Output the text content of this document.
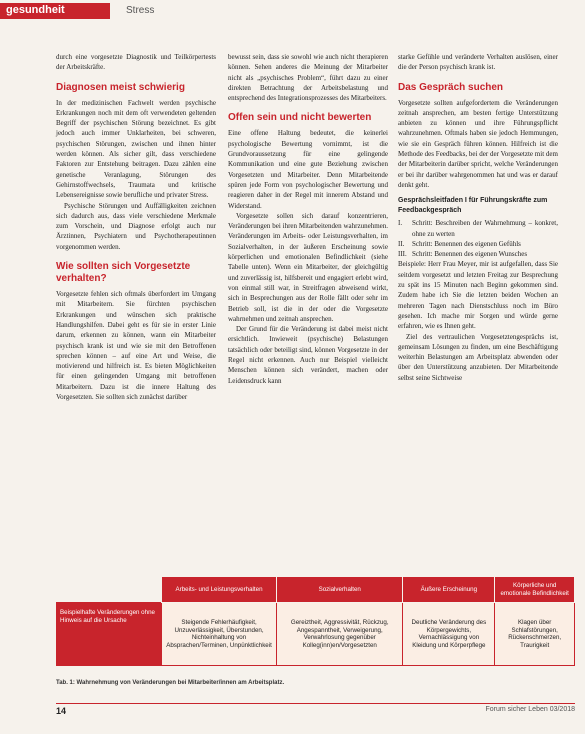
gesundheit	Stress

durch eine vorgesetzte Diagnostik und Teilkörpertests der Arbeitskräfte.

Diagnosen meist schwierig

In der medizinischen Fachwelt werden psychische Erkrankungen noch mit dem oft verwendeten geltenden Begriff der psychischen Störung bezeichnet. Es gibt jedoch auch immer Unklarheiten, bei schweren, psychischen Störungen, zwischen und ihnen hinter werden können. Als sicher gilt, dass verschiedene Faktoren zur Entstehung beitragen. Dazu zählen eine genetische Veranlagung, Störungen des Gehirnstoffwechsels, Traumata und kritische Lebensereignisse sowie berufliche und privater Stress.

Psychische Störungen und Auffälligkeiten zeichnen sich dadurch aus, dass viele verschiedene Merkmale zum Vorschein, und Diagnose erfolgt auch nur Ärztinnen, Psychiatern und Psychotherapeutinnen vorgenommen werden.

Wie sollten sich Vorgesetzte verhalten?

Vorgesetzte fehlen sich oftmals überfordert im Umgang mit Mitarbeitern. Sie fürchten psychischen Erkrankungen und wünschen sich praktische Handlungshilfen. Dabei geht es für sie in erster Linie darum, erkennen zu können, wann ein Mitarbeiter psychisch krank ist und wie sie mit den Betroffenen sprechen können – auf eine Art und Weise, die motivierend und hilfreich ist. Es bieten Möglichkeiten für einen gelingenden Umgang mit betroffenen Mitarbeitern. Dazu ist die innere Haltung des Vorgesetzten. Sie sollten sich zunächst darüber

bewusst sein, dass sie sowohl wie auch nicht therapieren können. Sehen anderes die Meinung der Mitarbeiter nicht als „psychisches Problem“, führt dazu zu einer direkten Betrachtung der Arbeitsbelastung und entsprechend des Integrationsprozesses des Mitarbeiters.

Offen sein und nicht bewerten

Eine offene Haltung bedeutet, die keinerlei psychologische Bewertung vornimmt, ist die Grundvoraussetzung für eine gelingende Kommunikation und eine gute Beziehung zwischen Vorgesetzten und Mitarbeiter. Denn Mitarbeitende spüren jede Form von psychologischer Bewertung und reagieren daher in der Regel mit innerem Abstand und Widerstand.

Vorgesetzte sollen sich darauf konzentrieren, Veränderungen bei ihren Mitarbeitenden wahrzunehmen. Veränderungen im Arbeits- oder Leistungsverhalten, im Sozialverhalten, in der äußeren Erscheinung sowie körperlichen und emotionalen Befindlichkeit (siehe Tabelle unten). Wenn ein Mitarbeiter, der gleichgültig und zuverlässig ist, hilfsbereit und engagiert erlebt wird, von einmal still war, in Streitfragen abweisend wirkt, sich in Besprechungen aus der Rolle fällt oder sehr im Betrieb soll, ist die in der oder die Vorgesetzte wahrnehmen und zeitnah ansprechen.

Der Grund für die Veränderung ist dabei meist nicht ersichtlich. Inwieweit (psychische) Belastungen tatsächlich oder beteiligt sind, können Vorgesetzte in der Regel nicht erkennen. Auch nur Beispiel vielleicht Menschen können sich verändert, machen oder Leidensdruck kann

starke Gefühle und veränderte Verhalten auslösen, einer die der Person psychisch krank ist.

Das Gespräch suchen

Vorgesetzte sollten aufgefordertem die Veränderungen zeitnah ansprechen, am besten fertige Unterstützung anbieten zu können und ihre Führungspflicht wahrzunehmen. Oftmals haben sie jedoch Hemmungen, wie sie ein Gespräch führen können. Hilfreich ist die Methode des Feedbacks, bei der der Vorgesetzte mit dem der Mitarbeiterin darüber spricht, welche Veränderungen er bei ihr darüber wahrgenommen hat und was er darauf denkt geht.

Gesprächsleitfaden I für Führungskräfte zum Feedbackgespräch
I.	Schritt: Beschreiben der Wahrnehmung – konkret, ohne zu werten
II.	Schritt: Benennen des eigenen Gefühls
III. Schritt: Benennen des eigenen Wunsches

Beispiele: Herr Frau Meyer, mir ist aufgefallen, dass Sie seitdem vorgesetzt und letzten Freitag zur Besprechung zu spät ins 15 Minuten nach Beginn gekommen sind. Zudem habe ich Sie die letzten beiden Wochen an mehreren Tagen nach Dienstschluss noch im Büro gesehen. Ich mache mir Sorgen und würde gerne erfahren, wie es Ihnen geht.

Ziel des vertraulichen Vorgesetztengesprächs ist, gemeinsam Lösungen zu finden, um eine Beschäftigung weiterhin Belastungen am Arbeitsplatz abwenden oder über den Unterstützung anzubieten. Der Mitarbeitende selbst seine Sichtweise

	Arbeits- und Leistungsverhalten	Sozialverhalten	Äußere Erscheinung	Körperliche und emotionale Befindlichkeit
Beispielhafte Veränderungen ohne Hinweis auf die Ursache	Steigende Fehlerhäufigkeit, Unzuverlässigkeit, Überstunden, Nichteinhaltung von Absprachen/Terminen, Unpünktlichkeit	Gereiztheit, Aggressivität, Rückzug, Angespanntheit, Verweigerung, Verwahrlosung gegenüber Kolleg(inn)en/Vorgesetzten	Deutliche Veränderung des Körpergewichts, Vernachlässigung von Kleidung und Körperpflege	Klagen über Schlafstörungen, Rückenschmerzen, Traurigkeit
Tab. 1: Wahrnehmung von Veränderungen bei Mitarbeiter/innen am Arbeitsplatz.
14	Forum sicher Leben 03/2018
